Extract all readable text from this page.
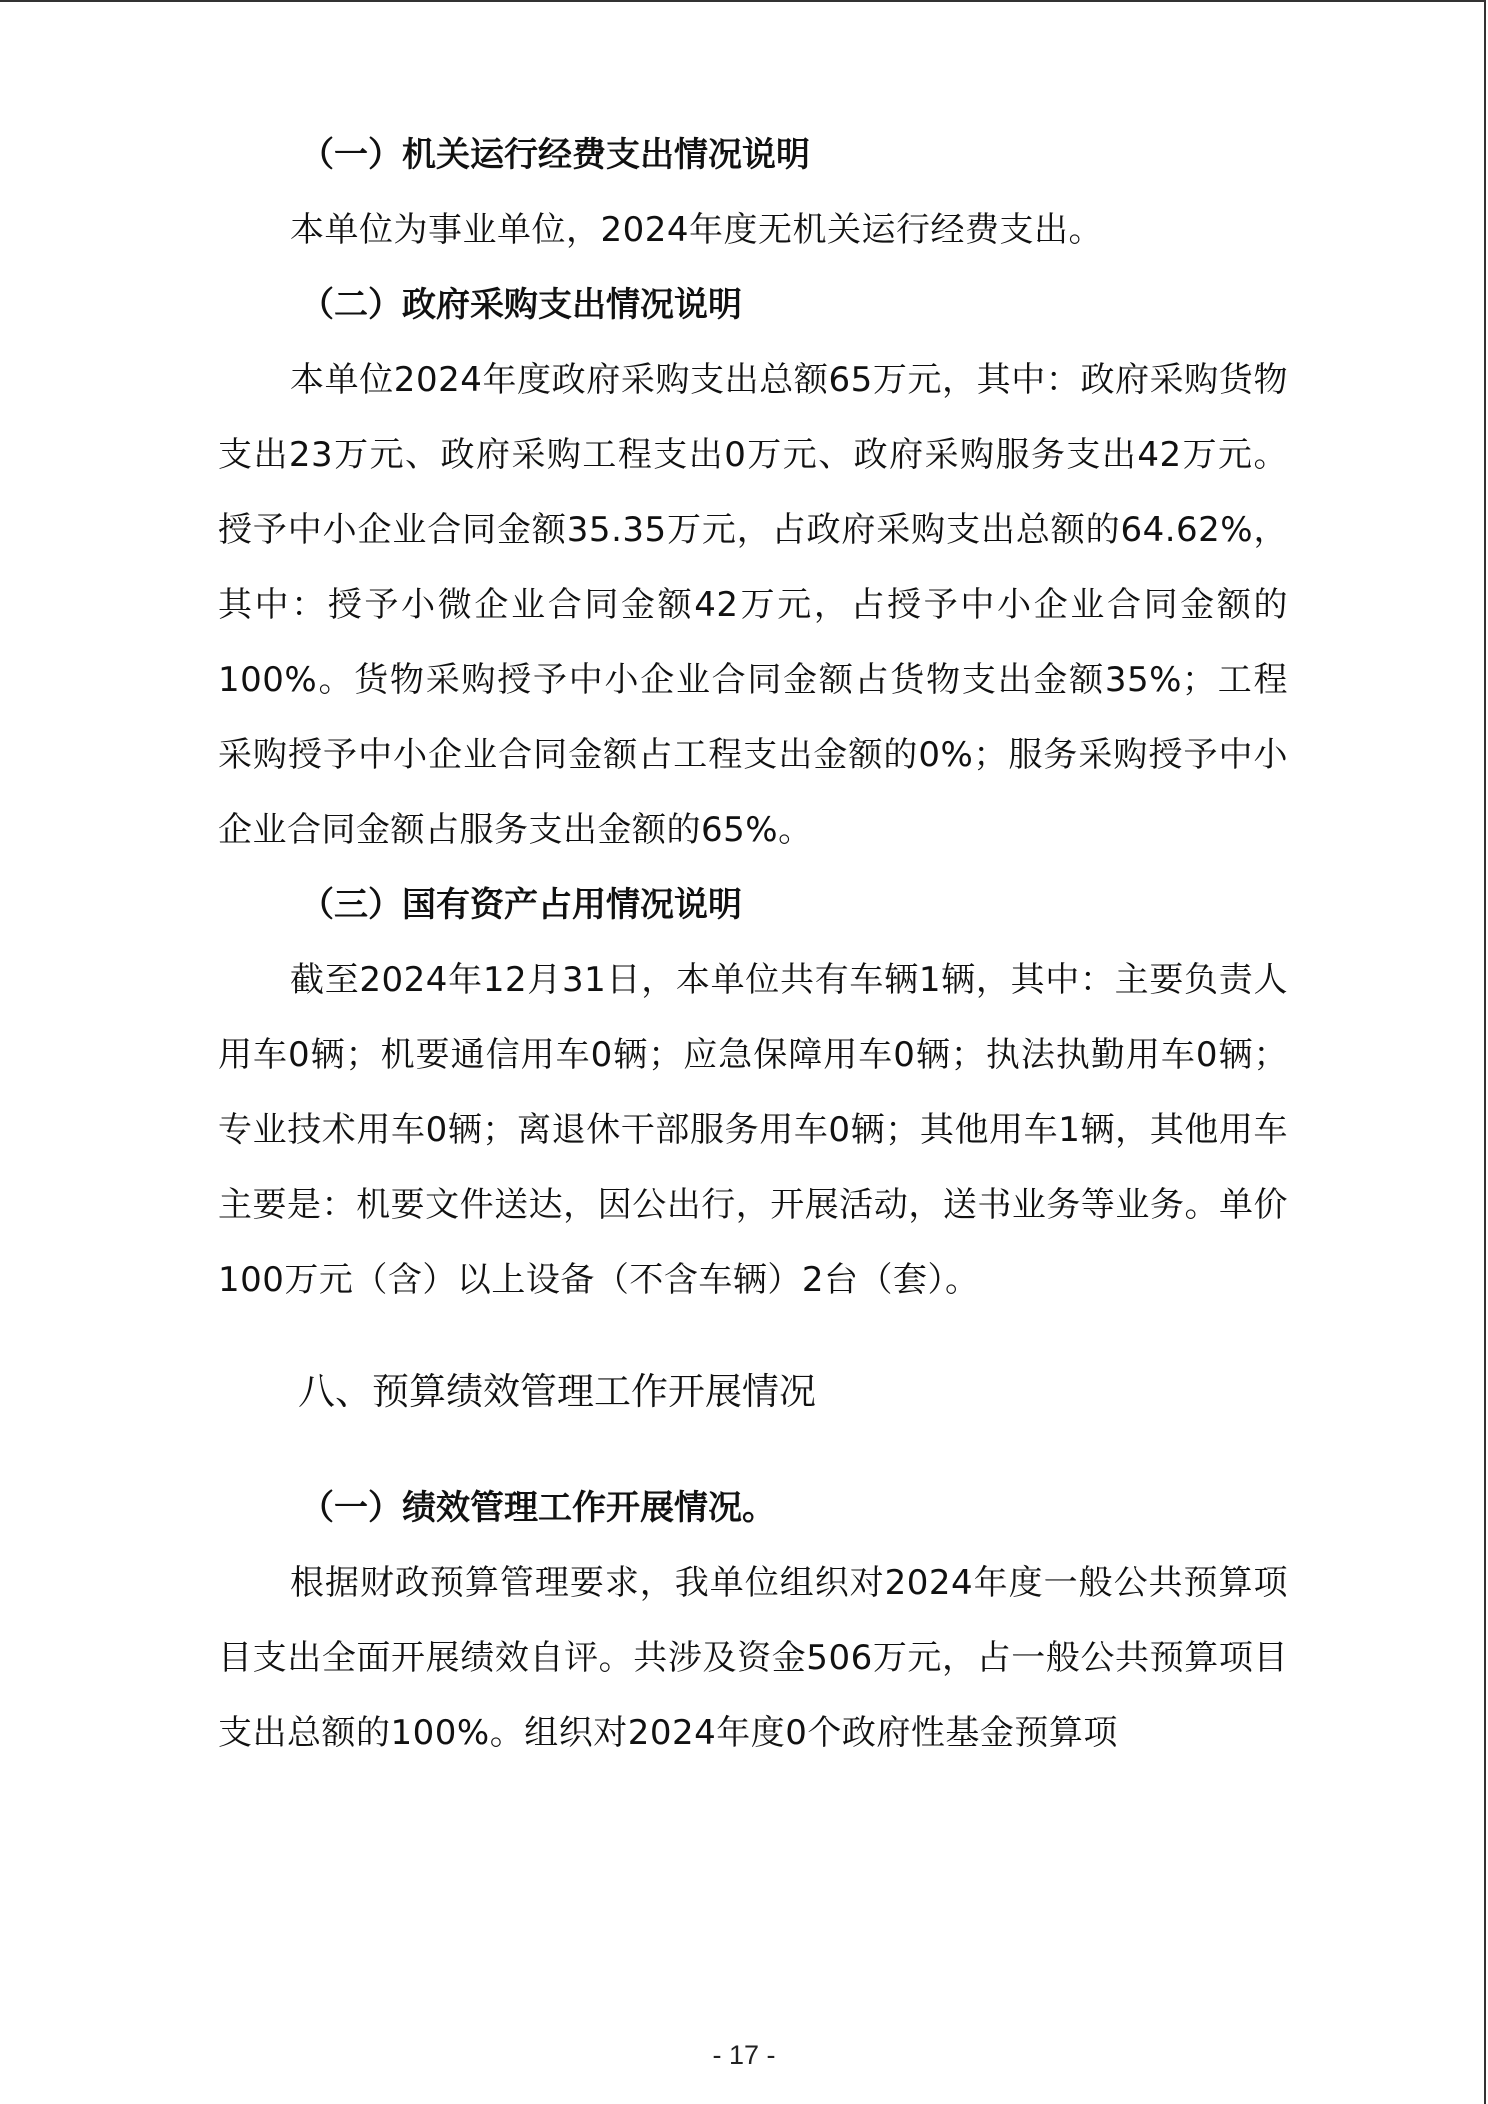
（一）机关运行经费支出情况说明

本单位为事业单位，2024年度无机关运行经费支出。

（二）政府采购支出情况说明

本单位2024年度政府采购支出总额65万元，其中：政府采购货物支出23万元、政府采购工程支出0万元、政府采购服务支出42万元。授予中小企业合同金额35.35万元，占政府采购支出总额的64.62%，其中：授予小微企业合同金额42万元，占授予中小企业合同金额的100%。货物采购授予中小企业合同金额占货物支出金额35%；工程采购授予中小企业合同金额占工程支出金额的0%；服务采购授予中小企业合同金额占服务支出金额的65%。

（三）国有资产占用情况说明

截至2024年12月31日，本单位共有车辆1辆，其中：主要负责人用车0辆；机要通信用车0辆；应急保障用车0辆；执法执勤用车0辆；专业技术用车0辆；离退休干部服务用车0辆；其他用车1辆，其他用车主要是：机要文件送达，因公出行，开展活动，送书业务等业务。单价100万元（含）以上设备（不含车辆）2台（套）。

八、预算绩效管理工作开展情况
（一）绩效管理工作开展情况。

根据财政预算管理要求，我单位组织对2024年度一般公共预算项目支出全面开展绩效自评。共涉及资金506万元，占一般公共预算项目支出总额的100%。组织对2024年度0个政府性基金预算项

- 17 -
